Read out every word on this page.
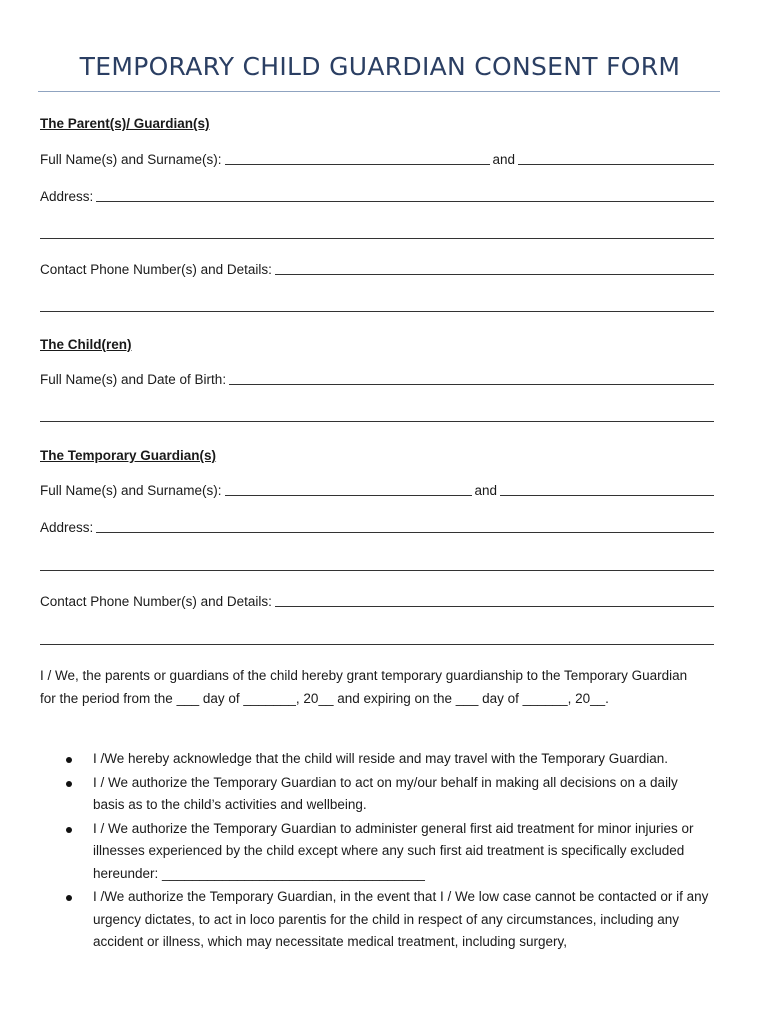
TEMPORARY CHILD GUARDIAN CONSENT FORM
The Parent(s)/ Guardian(s)
Full Name(s) and Surname(s):	and
Address:
Contact Phone Number(s) and Details:
The Child(ren)
Full Name(s) and Date of Birth:
The Temporary Guardian(s)
Full Name(s) and Surname(s):	and
Address:
Contact Phone Number(s) and Details:
I / We, the parents or guardians of the child hereby grant temporary guardianship to the Temporary Guardian for the period from the ___ day of _______, 20__ and expiring on the ___ day of ______, 20__.
I /We hereby acknowledge that the child will reside and may travel with the Temporary Guardian.
I / We authorize the Temporary Guardian to act on my/our behalf in making all decisions on a daily basis as to the child’s activities and wellbeing.
I / We authorize the Temporary Guardian to administer general first aid treatment for minor injuries or illnesses experienced by the child except where any such first aid treatment is specifically excluded hereunder: ___________________________________
I /We authorize the Temporary Guardian, in the event that I / We low case cannot be contacted or if any urgency dictates, to act in loco parentis for the child in respect of any circumstances, including any accident or illness, which may necessitate medical treatment, including surgery,
